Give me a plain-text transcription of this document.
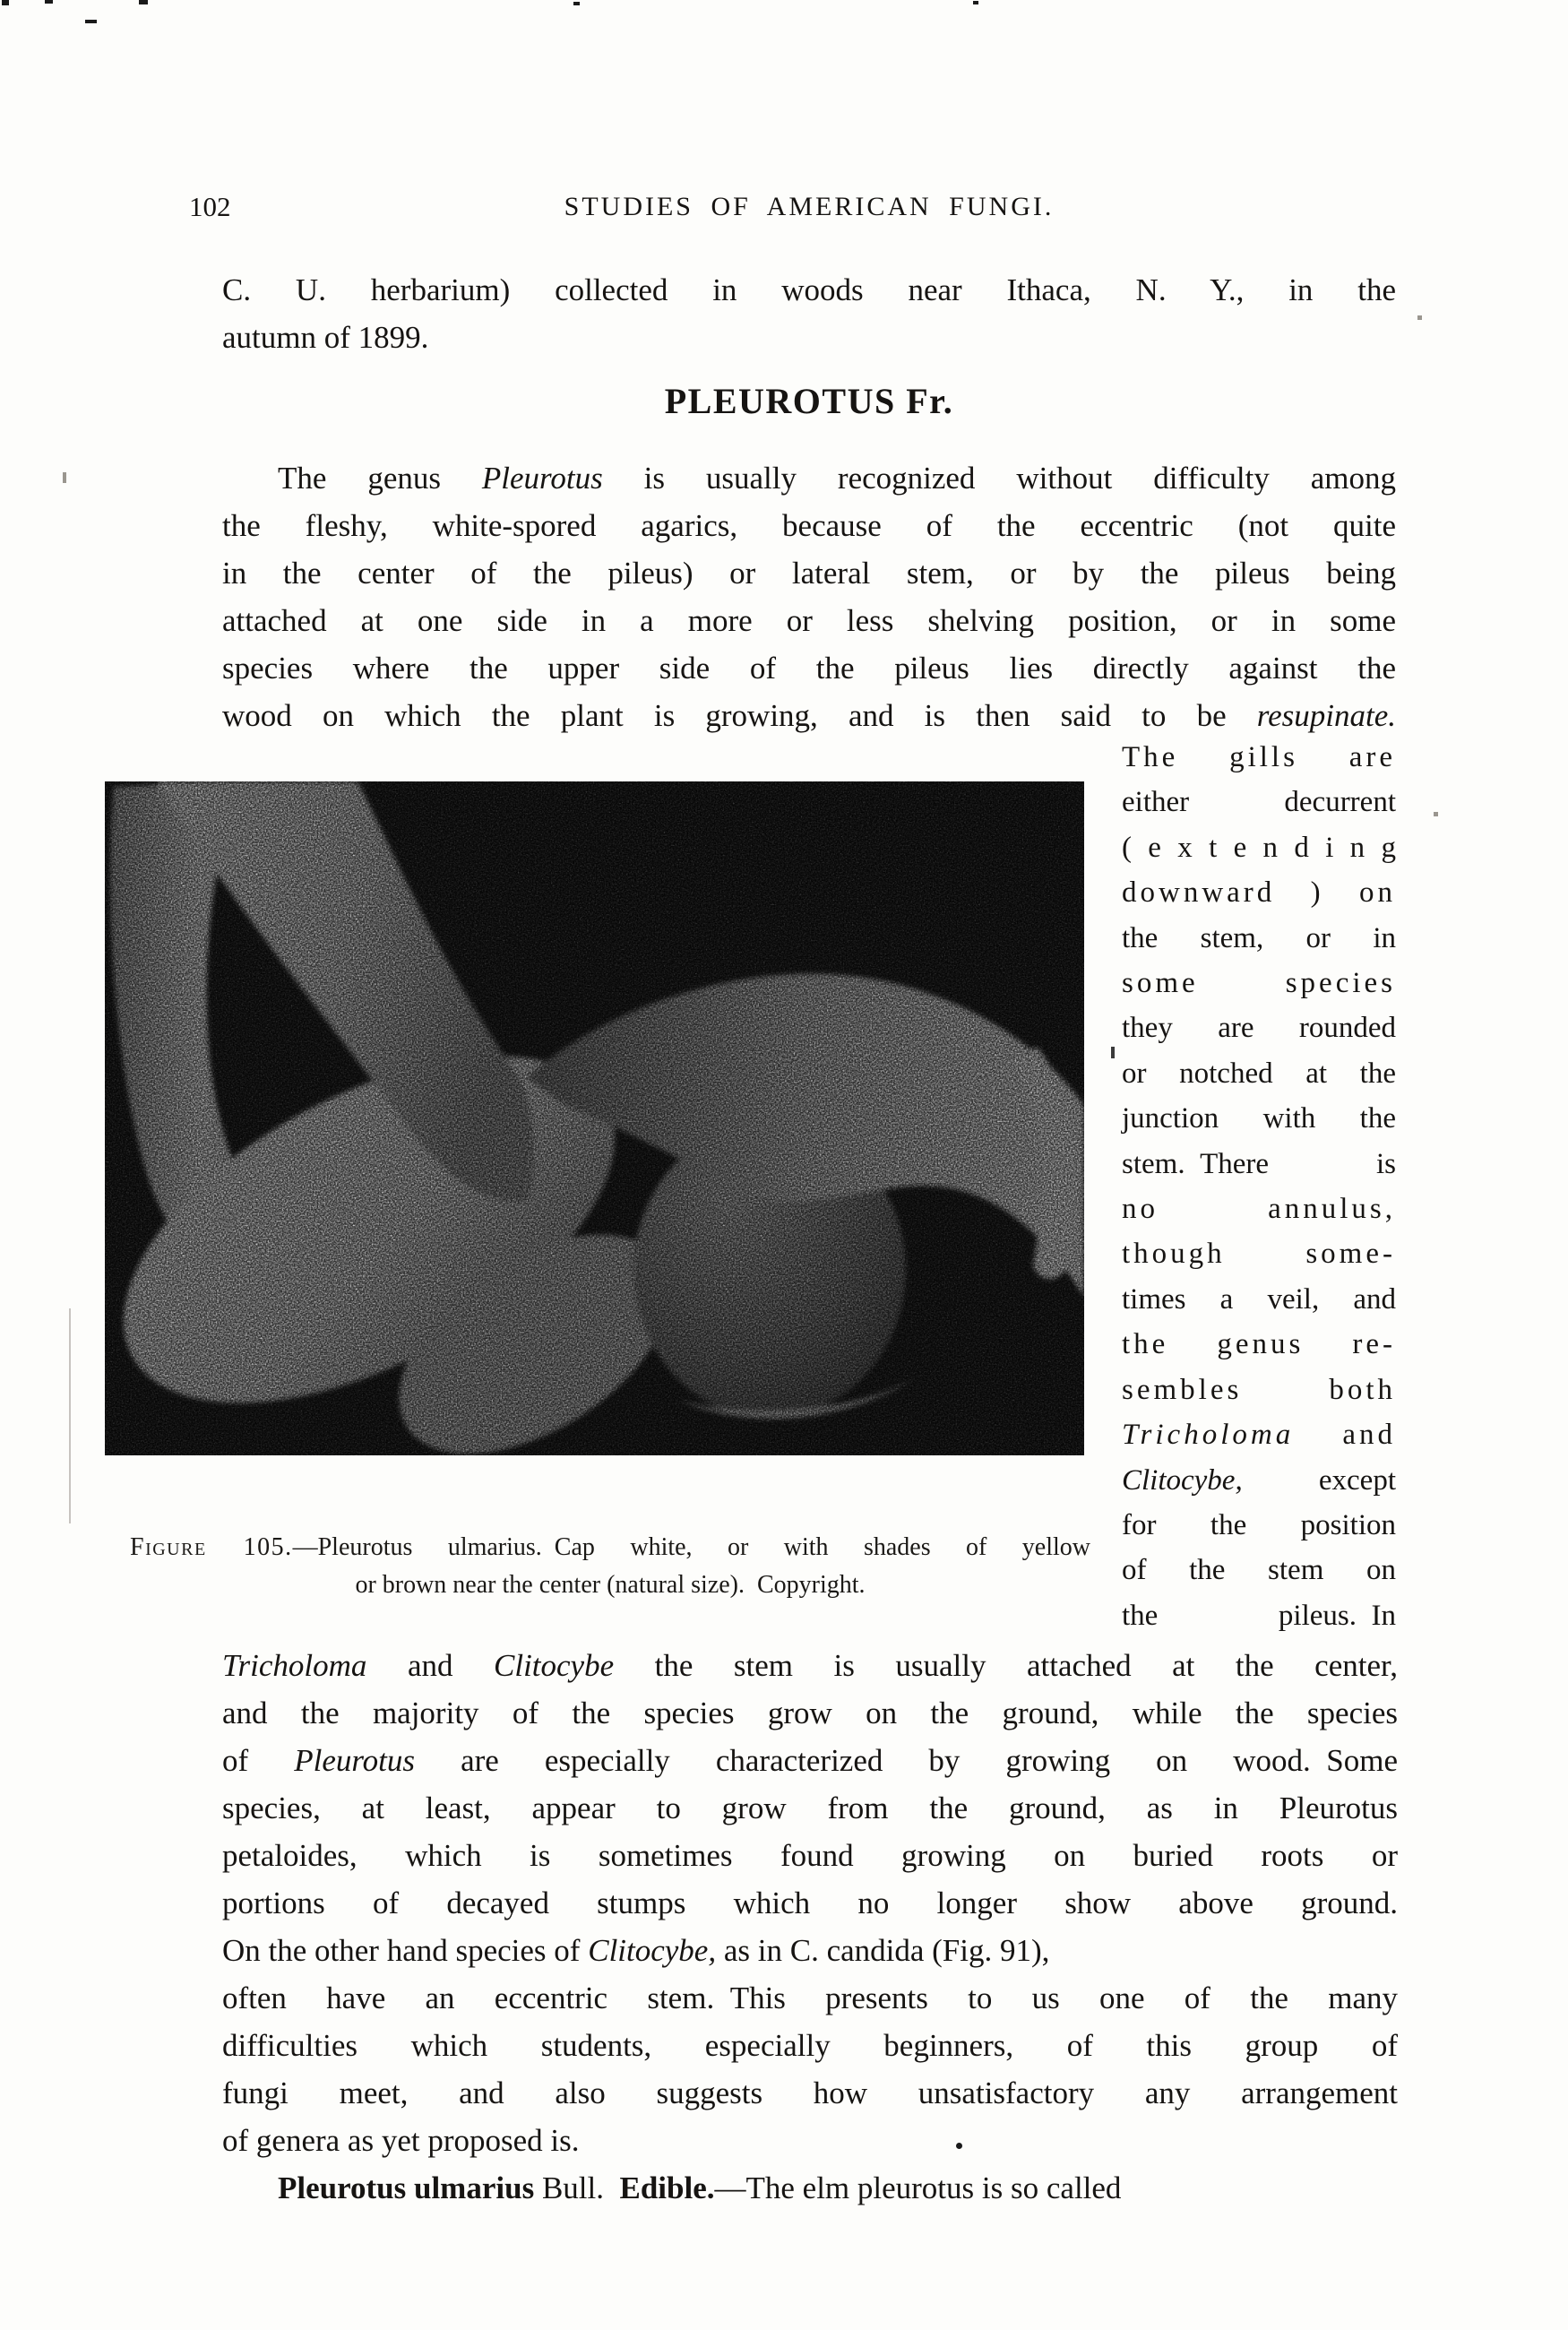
102	STUDIES OF AMERICAN FUNGI.
C. U. herbarium) collected in woods near Ithaca, N. Y., in the
autumn of 1899.
PLEUROTUS Fr.
The genus Pleurotus is usually recognized without difficulty among
the fleshy, white-spored agarics, because of the eccentric (not quite
in the center of the pileus) or lateral stem, or by the pileus being
attached at one side in a more or less shelving position, or in some
species where the upper side of the pileus lies directly against the
wood on which the plant is growing, and is then said to be resupinate.
The gills are
either decurrent
( e x t e n d i n g
downward ) on
the stem, or in
some species
they are rounded
or notched at the
junction with the
stem. There is
no annulus,
though some-
times a veil, and
the genus re-
sembles both
Tricholoma and
Clitocybe, except
for the position
of the stem on
the pileus. In
Figure 105.—Pleurotus ulmarius. Cap white, or with shades of yellow
or brown near the center (natural size). Copyright.
Tricholoma and Clitocybe the stem is usually attached at the center,
and the majority of the species grow on the ground, while the species
of Pleurotus are especially characterized by growing on wood. Some
species, at least, appear to grow from the ground, as in Pleurotus
petaloides, which is sometimes found growing on buried roots or
portions of decayed stumps which no longer show above ground.
On the other hand species of Clitocybe, as in C. candida (Fig. 91),
often have an eccentric stem. This presents to us one of the many
difficulties which students, especially beginners, of this group of
fungi meet, and also suggests how unsatisfactory any arrangement
of genera as yet proposed is.
Pleurotus ulmarius Bull. Edible.—The elm pleurotus is so called
